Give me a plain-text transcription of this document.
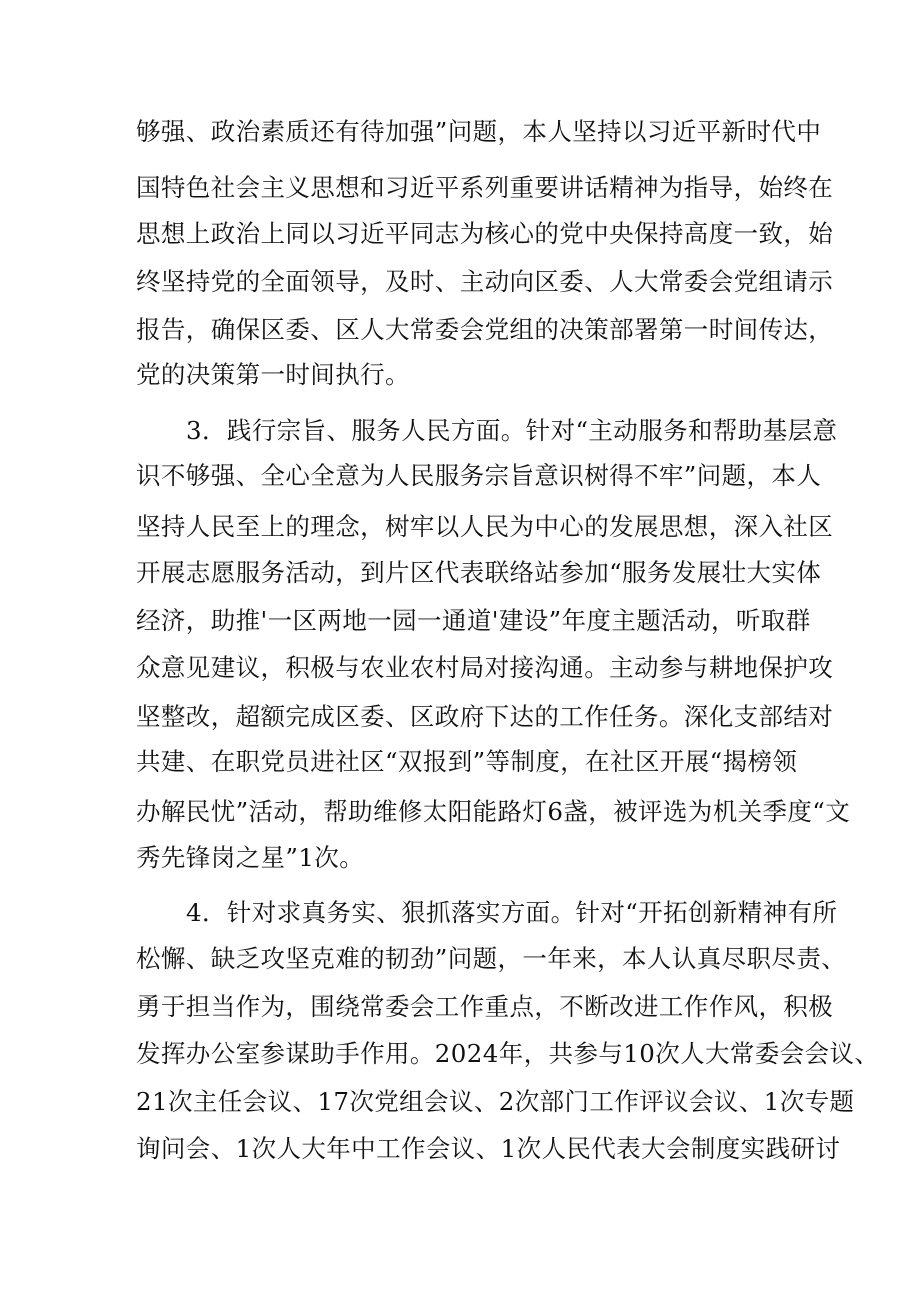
够强、政治素质还有待加强”问题，本人坚持以习近平新时代中
国特色社会主义思想和习近平系列重要讲话精神为指导，始终在
思想上政治上同以习近平同志为核心的党中央保持高度一致，始
终坚持党的全面领导，及时、主动向区委、人大常委会党组请示
报告，确保区委、区人大常委会党组的决策部署第一时间传达，
党的决策第一时间执行。
3．践行宗旨、服务人民方面。针对“主动服务和帮助基层意
识不够强、全心全意为人民服务宗旨意识树得不牢”问题，本人
坚持人民至上的理念，树牢以人民为中心的发展思想，深入社区
开展志愿服务活动，到片区代表联络站参加“服务发展壮大实体
经济，助推'一区两地一园一通道'建设”年度主题活动，听取群
众意见建议，积极与农业农村局对接沟通。主动参与耕地保护攻
坚整改，超额完成区委、区政府下达的工作任务。深化支部结对
共建、在职党员进社区“双报到”等制度，在社区开展“揭榜领
办解民忧”活动，帮助维修太阳能路灯6盏，被评选为机关季度“文
秀先锋岗之星”1次。
4．针对求真务实、狠抓落实方面。针对“开拓创新精神有所
松懈、缺乏攻坚克难的韧劲”问题，一年来，本人认真尽职尽责、
勇于担当作为，围绕常委会工作重点，不断改进工作作风，积极
发挥办公室参谋助手作用。2024年，共参与10次人大常委会会议、
21次主任会议、17次党组会议、2次部门工作评议会议、1次专题
询问会、1次人大年中工作会议、1次人民代表大会制度实践研讨
